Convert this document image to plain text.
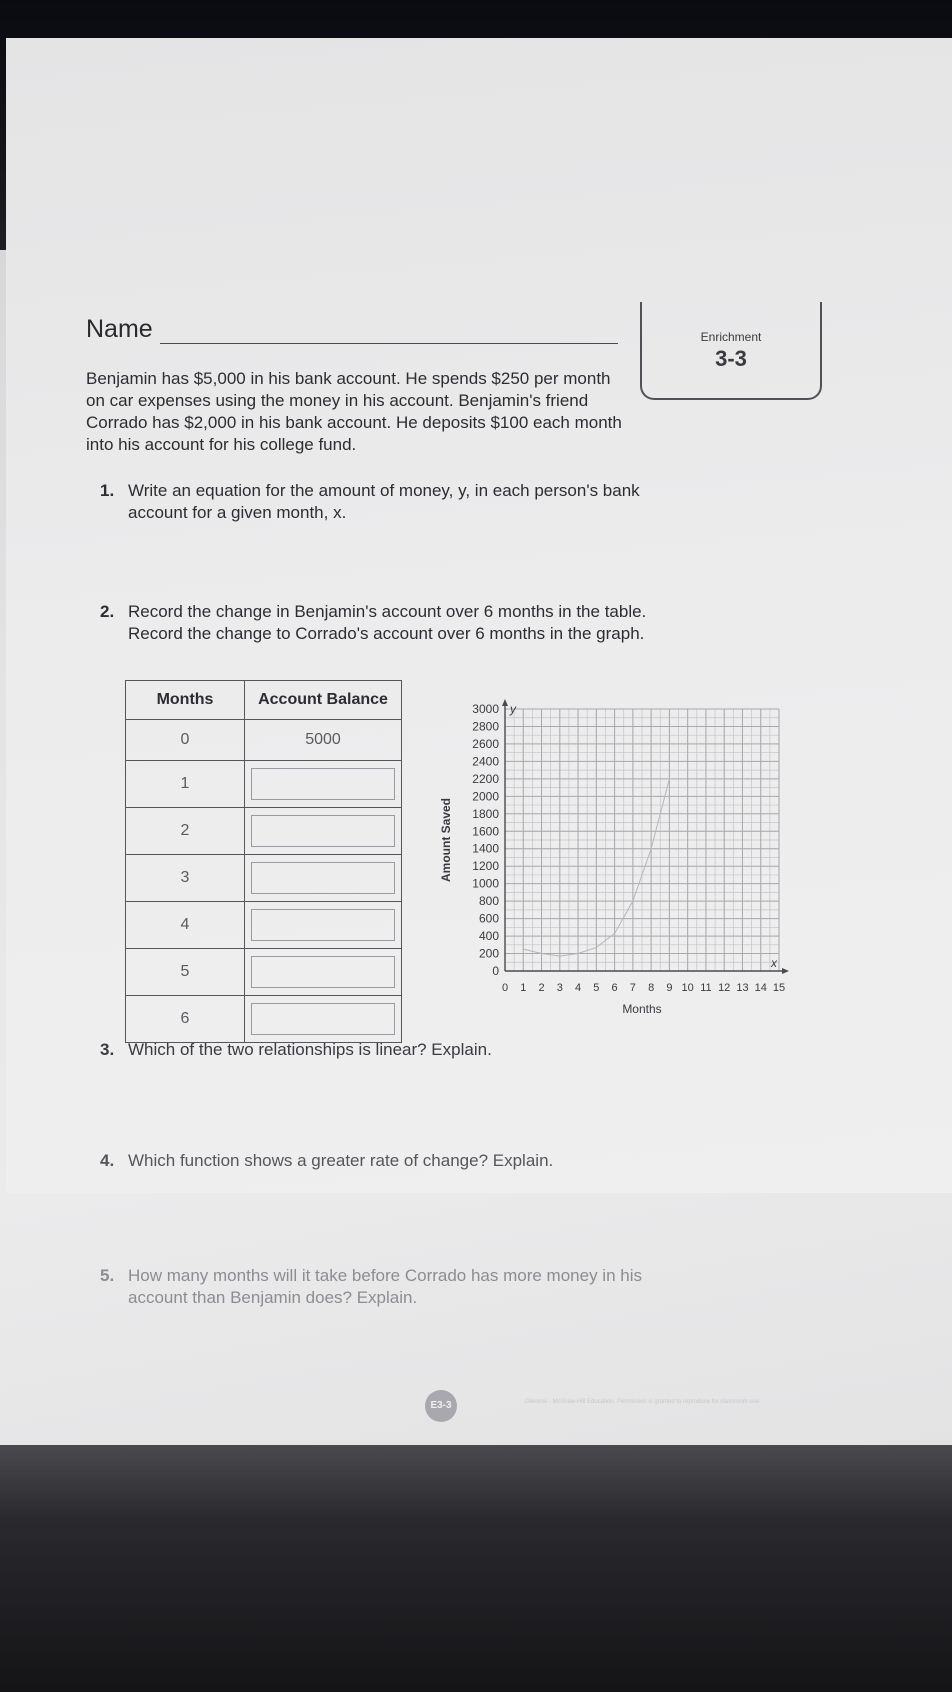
Name	Enrichment
3-3
Benjamin has $5,000 in his bank account. He spends $250 per month on car expenses using the money in his account. Benjamin's friend Corrado has $2,000 in his bank account. He deposits $100 each month into his account for his college fund.
1. Write an equation for the amount of money, y, in each person's bank account for a given month, x.
2. Record the change in Benjamin's account over 6 months in the table. Record the change to Corrado's account over 6 months in the graph.
Months	Account Balance
0	5000
1	

2	

3	

4	

5	

6	
0
200
400
600
800
1000
1200
1400
1600
1800
2000
2200
2400
2600
2800
3000
0 1 2 3 4 5 6 7 8 9 10 11 12 13 14 15
y
x
Months
Amount Saved
3. Which of the two relationships is linear? Explain.
4. Which function shows a greater rate of change? Explain.
5. How many months will it take before Corrado has more money in his account than Benjamin does? Explain.
E3-3	Glencoe · McGraw-Hill Education. Permission is granted to reproduce for classroom use.
